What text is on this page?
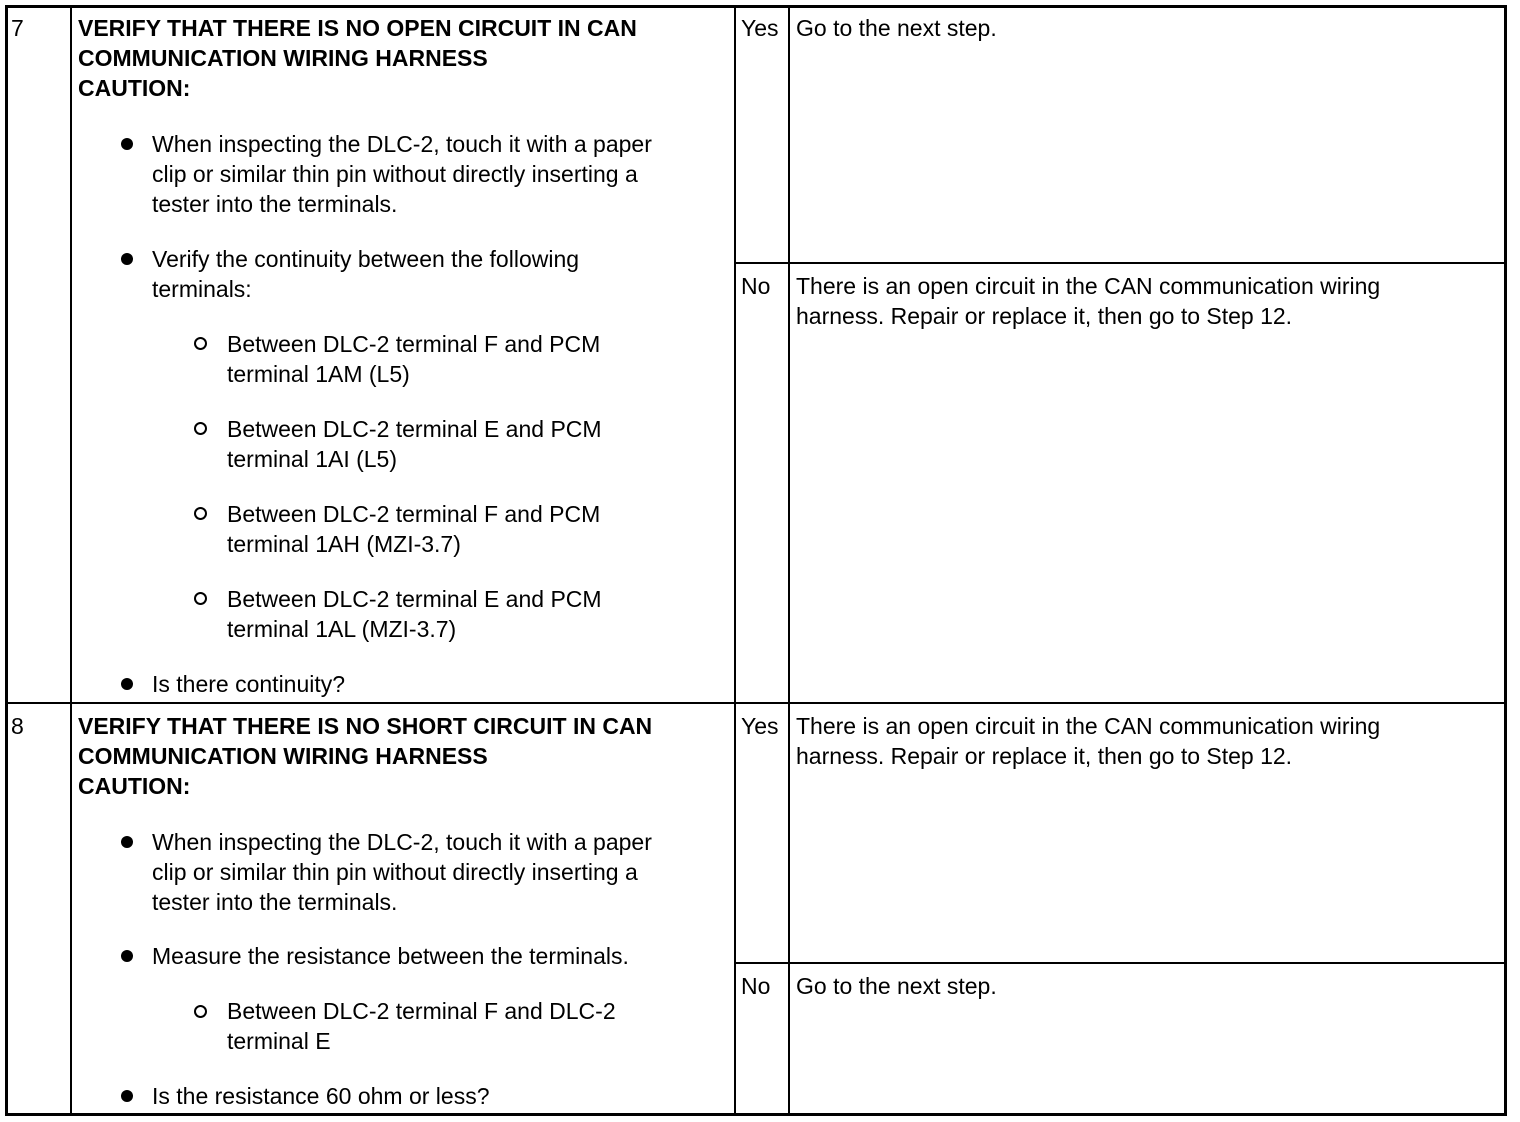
7 VERIFY THAT THERE IS NO OPEN CIRCUIT IN CAN
COMMUNICATION WIRING HARNESS
CAUTION:
When inspecting the DLC-2, touch it with a paper
clip or similar thin pin without directly inserting a
tester into the terminals.
Verify the continuity between the following
terminals:
Between DLC-2 terminal F and PCM
terminal 1AM (L5)
Between DLC-2 terminal E and PCM
terminal 1AI (L5)
Between DLC-2 terminal F and PCM
terminal 1AH (MZI-3.7)
Between DLC-2 terminal E and PCM
terminal 1AL (MZI-3.7)
Is there continuity?
Yes Go to the next step.
No There is an open circuit in the CAN communication wiring
harness. Repair or replace it, then go to Step 12.
8 VERIFY THAT THERE IS NO SHORT CIRCUIT IN CAN
COMMUNICATION WIRING HARNESS
CAUTION:
When inspecting the DLC-2, touch it with a paper
clip or similar thin pin without directly inserting a
tester into the terminals.
Measure the resistance between the terminals.
Between DLC-2 terminal F and DLC-2
terminal E
Is the resistance 60 ohm or less?
Yes There is an open circuit in the CAN communication wiring
harness. Repair or replace it, then go to Step 12.
No Go to the next step.
